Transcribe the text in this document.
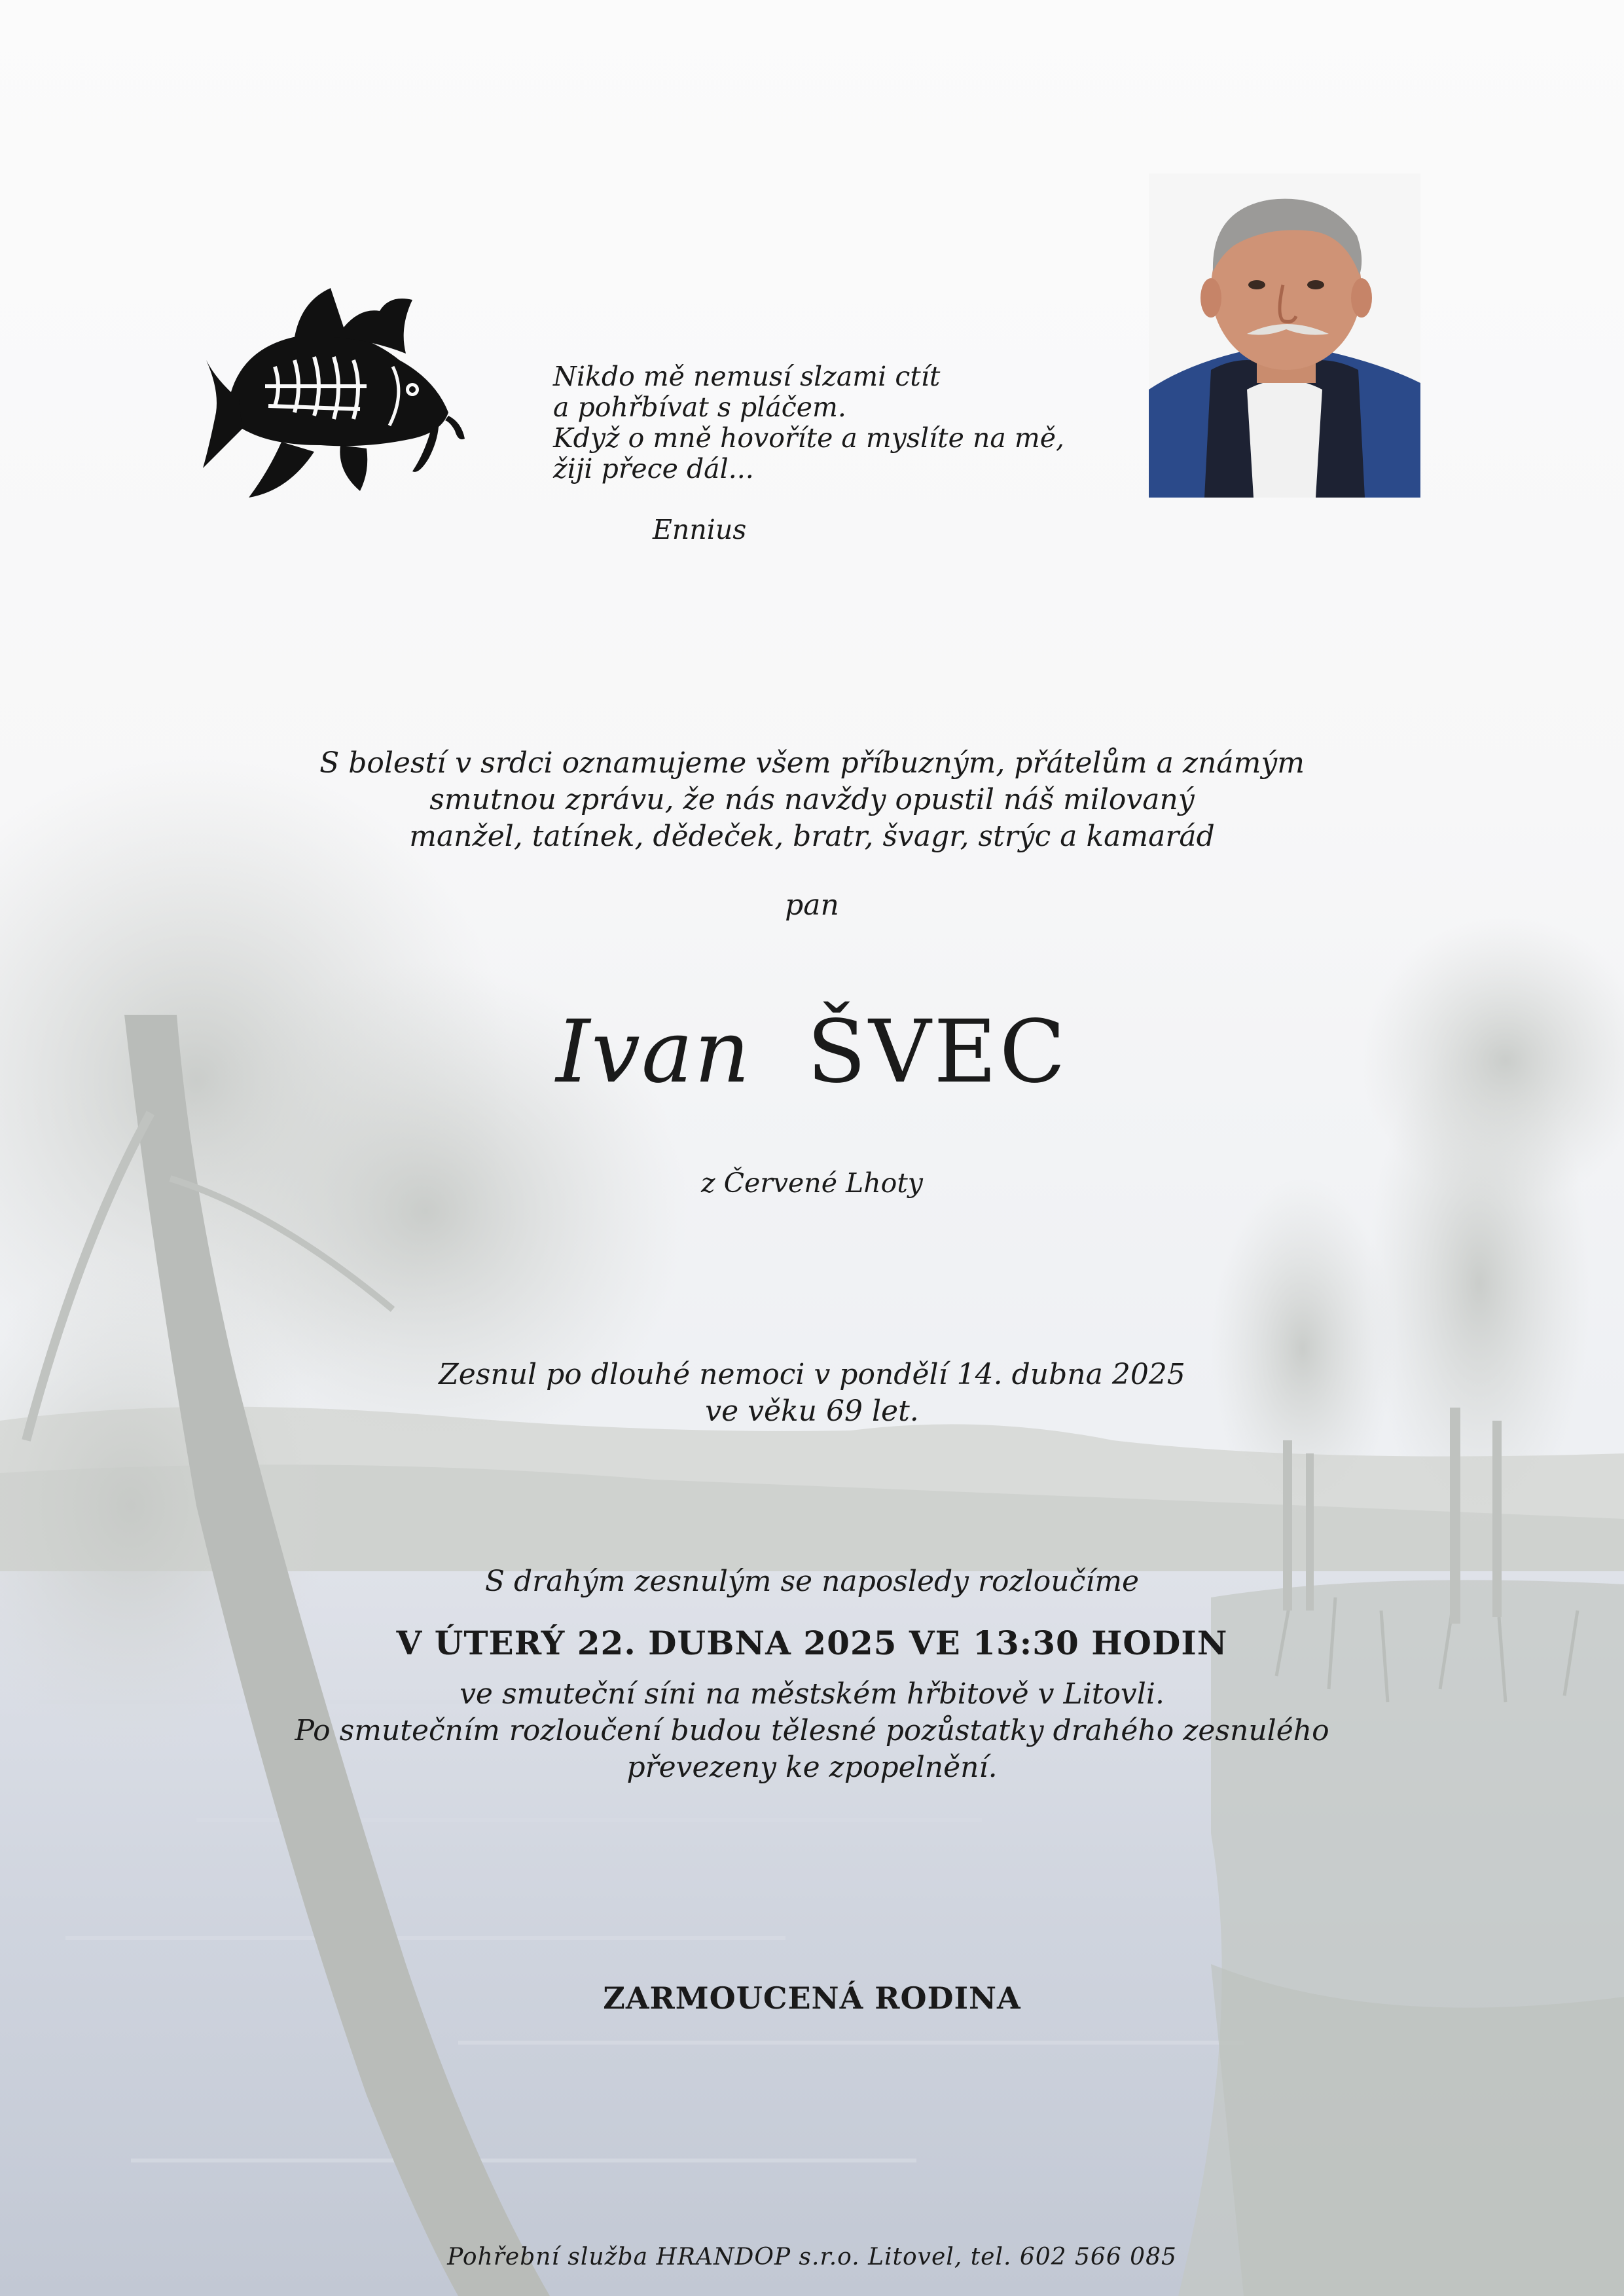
Nikdo mě nemusí slzami ctít
a pohřbívat s pláčem.
Když o mně hovoříte a myslíte na mě,
žiji přece dál...
Ennius
S bolestí v srdci oznamujeme všem příbuzným, přátelům a známým
smutnou zprávu, že nás navždy opustil náš milovaný
manžel, tatínek, dědeček, bratr, švagr, strýc a kamarád
pan
Ivan ŠVEC
z Červené Lhoty
Zesnul po dlouhé nemoci v pondělí 14. dubna 2025
ve věku 69 let.
S drahým zesnulým se naposledy rozloučíme
V ÚTERÝ 22. DUBNA 2025 VE 13:30 HODIN
ve smuteční síni na městském hřbitově v Litovli.
Po smutečním rozloučení budou tělesné pozůstatky drahého zesnulého
převezeny ke zpopelnění.
ZARMOUCENÁ RODINA
Pohřební služba HRANDOP s.r.o. Litovel, tel. 602 566 085
